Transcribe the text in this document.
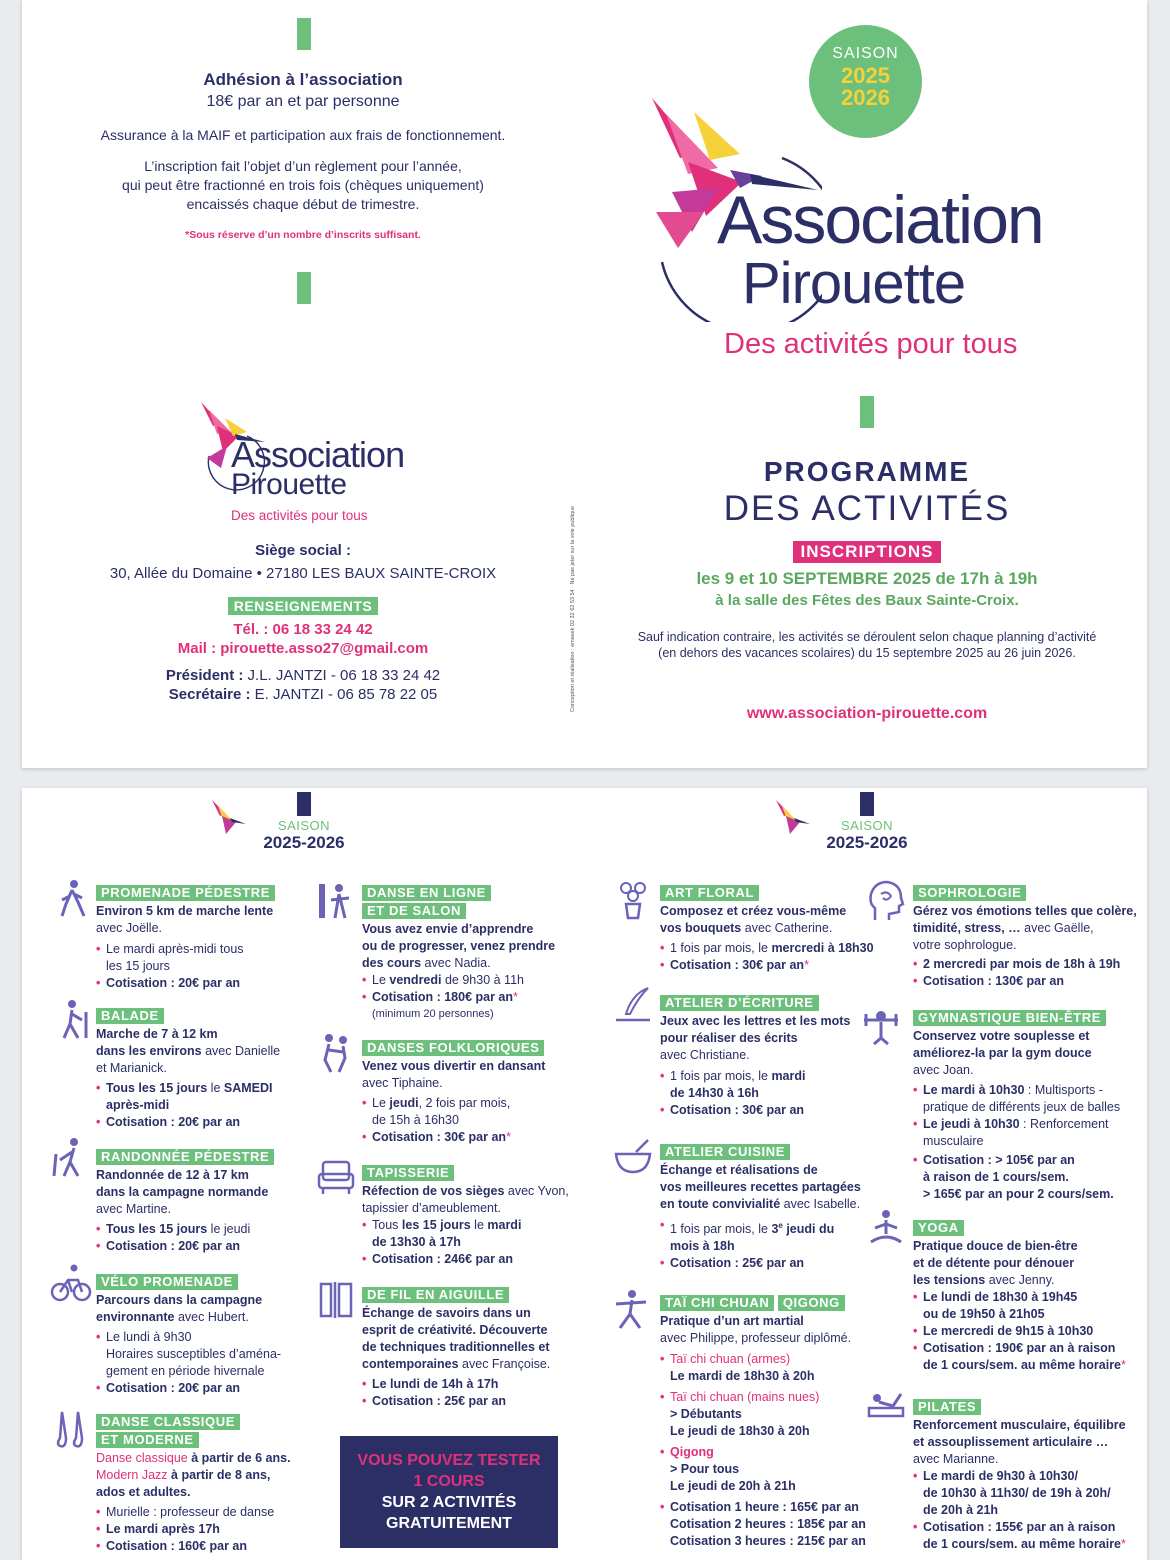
Adhésion à l’association
18€ par an et par personne
Assurance à la MAIF et participation aux frais de fonctionnement.
L’inscription fait l’objet d’un règlement pour l’année,
qui peut être fractionné en trois fois (chèques uniquement)
encaissés chaque début de trimestre.
*Sous réserve d’un nombre d’inscrits suffisant.
Association
Pirouette
Des activités pour tous
Siège social :
30, Allée du Domaine • 27180 LES BAUX SAINTE-CROIX
RENSEIGNEMENTS
Tél. : 06 18 33 24 42
Mail : pirouette.asso27@gmail.com
Président : J.L. JANTZI - 06 18 33 24 42
Secrétaire : E. JANTZI - 06 85 78 22 05	Conception et réalisation : emasek 02 32 62 53 54 · Ne pas jeter sur la voie publique
SAISON
2025
2026
Association
Pirouette
Des activités pour tous
PROGRAMME
DES ACTIVITÉS
INSCRIPTIONS
les 9 et 10 SEPTEMBRE 2025 de 17h à 19h
à la salle des Fêtes des Baux Sainte-Croix.
Sauf indication contraire, les activités se déroulent selon chaque planning d’activité
(en dehors des vacances scolaires) du 15 septembre 2025 au 26 juin 2026.
www.association-pirouette.com
SAISON
2025-2026
SAISON
2025-2026
PROMENADE PÉDESTRE
Environ 5 km de marche lente
avec Joëlle.
• Le mardi après-midi tous
les 15 jours
• Cotisation : 20€ par an
BALADE
Marche de 7 à 12 km
dans les environs avec Danielle
et Marianick.
• Tous les 15 jours le SAMEDI
après-midi
• Cotisation : 20€ par an
RANDONNÉE PÉDESTRE
Randonnée de 12 à 17 km
dans la campagne normande
avec Martine.
• Tous les 15 jours le jeudi
• Cotisation : 20€ par an
VÉLO PROMENADE
Parcours dans la campagne
environnante avec Hubert.
• Le lundi à 9h30
Horaires susceptibles d’aména-
gement en période hivernale
• Cotisation : 20€ par an
DANSE CLASSIQUE
ET MODERNE
Danse classique à partir de 6 ans.
Modern Jazz à partir de 8 ans,
ados et adultes.
• Murielle : professeur de danse
• Le mardi après 17h
• Cotisation : 160€ par an
DANSE EN LIGNE
ET DE SALON
Vous avez envie d’apprendre
ou de progresser, venez prendre
des cours avec Nadia.
• Le vendredi de 9h30 à 11h
• Cotisation : 180€ par an*
(minimum 20 personnes)
DANSES FOLKLORIQUES
Venez vous divertir en dansant
avec Tiphaine.
• Le jeudi, 2 fois par mois,
de 15h à 16h30
• Cotisation : 30€ par an*
TAPISSERIE
Réfection de vos sièges avec Yvon,
tapissier d’ameublement.
• Tous les 15 jours le mardi
de 13h30 à 17h
• Cotisation : 246€ par an
DE FIL EN AIGUILLE
Échange de savoirs dans un
esprit de créativité. Découverte
de techniques traditionnelles et
contemporaines avec Françoise.
• Le lundi de 14h à 17h
• Cotisation : 25€ par an
VOUS POUVEZ TESTER
1 COURS
SUR 2 ACTIVITÉS
GRATUITEMENT
ART FLORAL
Composez et créez vous-même
vos bouquets avec Catherine.
• 1 fois par mois, le mercredi à 18h30
• Cotisation : 30€ par an*
ATELIER D’ÉCRITURE
Jeux avec les lettres et les mots
pour réaliser des écrits
avec Christiane.
• 1 fois par mois, le mardi
de 14h30 à 16h
• Cotisation : 30€ par an
ATELIER CUISINE
Échange et réalisations de
vos meilleures recettes partagées
en toute convivialité avec Isabelle.
• 1 fois par mois, le 3e jeudi du
mois à 18h
• Cotisation : 25€ par an
TAÏ CHI CHUAN QIGONG
Pratique d’un art martial
avec Philippe, professeur diplômé.
• Taï chi chuan (armes)
Le mardi de 18h30 à 20h
• Taï chi chuan (mains nues)
> Débutants
Le jeudi de 18h30 à 20h
• Qigong
> Pour tous
Le jeudi de 20h à 21h
• Cotisation 1 heure : 165€ par an
Cotisation 2 heures : 185€ par an
Cotisation 3 heures : 215€ par an
SOPHROLOGIE
Gérez vos émotions telles que colère,
timidité, stress, … avec Gaëlle,
votre sophrologue.
• 2 mercredi par mois de 18h à 19h
• Cotisation : 130€ par an
GYMNASTIQUE BIEN-ÊTRE
Conservez votre souplesse et
améliorez-la par la gym douce
avec Joan.
• Le mardi à 10h30 : Multisports -
pratique de différents jeux de balles
• Le jeudi à 10h30 : Renforcement
musculaire
• Cotisation : > 105€ par an
à raison de 1 cours/sem.
> 165€ par an pour 2 cours/sem.
YOGA
Pratique douce de bien-être
et de détente pour dénouer
les tensions avec Jenny.
• Le lundi de 18h30 à 19h45
ou de 19h50 à 21h05
• Le mercredi de 9h15 à 10h30
• Cotisation : 190€ par an à raison
de 1 cours/sem. au même horaire*
PILATES
Renforcement musculaire, équilibre
et assouplissement articulaire …
avec Marianne.
• Le mardi de 9h30 à 10h30/
de 10h30 à 11h30/ de 19h à 20h/
de 20h à 21h
• Cotisation : 155€ par an à raison
de 1 cours/sem. au même horaire*
